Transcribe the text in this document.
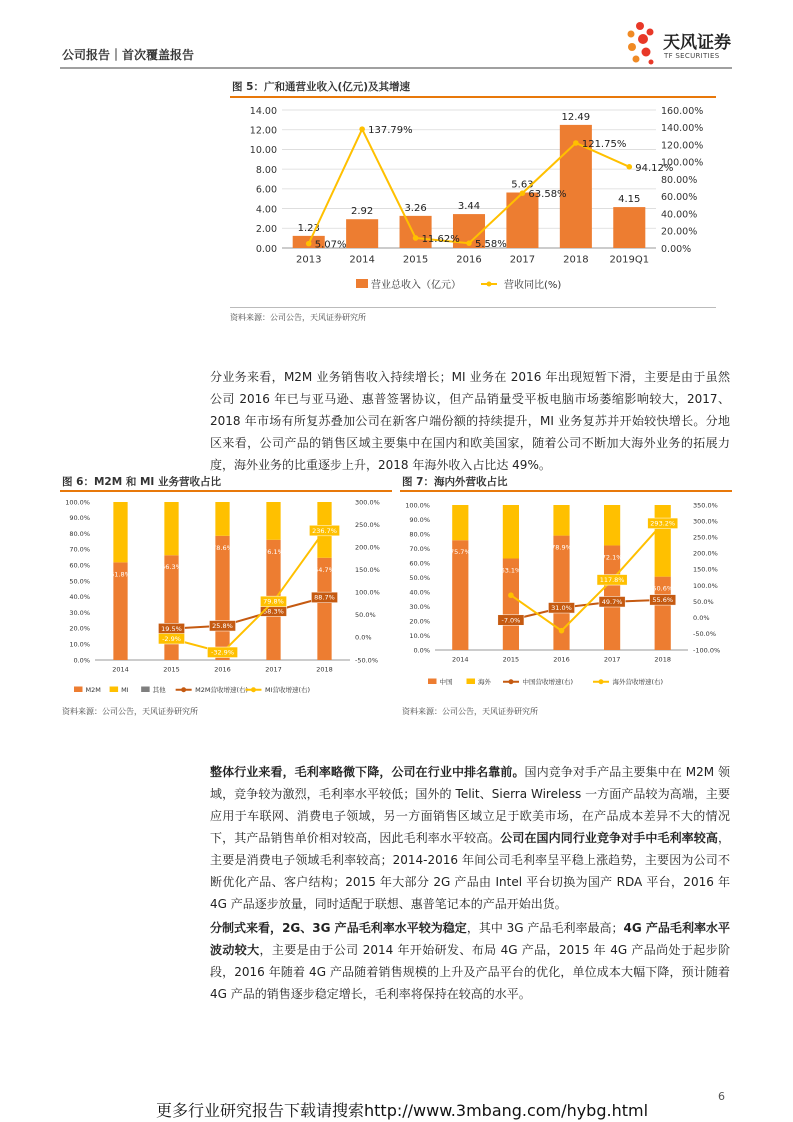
公司报告｜首次覆盖报告
天风证券
TF SECURITIES
图 5：广和通营业收入(亿元)及其增速
0.00
2.00
4.00
6.00
8.00
10.00
12.00
14.00
0.00%
20.00%
40.00%
60.00%
80.00%
100.00%
120.00%
140.00%
160.00%
2013	2014	2015	2016	2017	2018 2019Q1
1.23
2.92	3.26	3.44
5.63
12.49
4.15
5.07%
137.79%
11.62% 5.58%
63.58%
121.75%
94.12%
营业总收入（亿元）	营收同比(%)
资料来源：公司公告，天风证券研究所
分业务来看，M2M 业务销售收入持续增长；MI 业务在 2016 年出现短暂下滑，主要是由于虽然公司 2016 年已与亚马逊、惠普签署协议，但产品销量受平板电脑市场萎缩影响较大，2017、2018 年市场有所复苏叠加公司在新客户端份额的持续提升，MI 业务复苏并开始较快增长。分地区来看，公司产品的销售区域主要集中在国内和欧美国家，随着公司不断加大海外业务的拓展力度，海外业务的比重逐步上升，2018 年海外收入占比达 49%。
图 6：M2M 和 MI 业务营收占比
0.0%
10.0%
20.0%
30.0%
40.0%
50.0%
60.0%
70.0%
80.0%
90.0%
100.0%
-50.0%
0.0%
50.0%
100.0%
150.0%
200.0%
250.0%
300.0%
2014	2015	2016	2017	2018
61.8%
66.3%
78.6%	76.1%
64.7%
19.5%	25.8%
58.3%
88.7%
-2.9%
-32.9%
79.8%
236.7%
M2M	MI	其他	M2M营收增速(右)	MI营收增速(右)
资料来源：公司公告，天风证券研究所
图 7：海内外营收占比
0.0%
10.0%
20.0%
30.0%
40.0%
50.0%
60.0%
70.0%
80.0%
90.0%
100.0%
-100.0%
-50.0%
0.0%
50.0%
100.0%
150.0%
200.0%
250.0%
300.0%
350.0%
2014	2015	2016	2017	2018
75.7%
63.1%
78.9%
72.1%
50.6%
-7.0%
31.0%
49.7%	55.6%
117.8%
293.2%
中国	海外	中国营收增速(右)	海外营收增速(右)
资料来源：公司公告，天风证券研究所
整体行业来看，毛利率略微下降，公司在行业中排名靠前。国内竞争对手产品主要集中在 M2M 领域，竞争较为激烈，毛利率水平较低；国外的 Telit、Sierra Wireless 一方面产品较为高端，主要应用于车联网、消费电子领域，另一方面销售区域立足于欧美市场，在产品成本差异不大的情况下，其产品销售单价相对较高，因此毛利率水平较高。公司在国内同行业竞争对手中毛利率较高，主要是消费电子领域毛利率较高；2014-2016 年间公司毛利率呈平稳上涨趋势，主要因为公司不断优化产品、客户结构；2015 年大部分 2G 产品由 Intel 平台切换为国产 RDA 平台，2016 年 4G 产品逐步放量，同时适配于联想、惠普笔记本的产品开始出货。
分制式来看，2G、3G 产品毛利率水平较为稳定，其中 3G 产品毛利率最高；4G 产品毛利率水平波动较大，主要是由于公司 2014 年开始研发、布局 4G 产品，2015 年 4G 产品尚处于起步阶段，2016 年随着 4G 产品随着销售规模的上升及产品平台的优化，单位成本大幅下降，预计随着 4G 产品的销售逐步稳定增长，毛利率将保持在较高的水平。
6
更多行业研究报告下载请搜索http://www.3mbang.com/hybg.html
